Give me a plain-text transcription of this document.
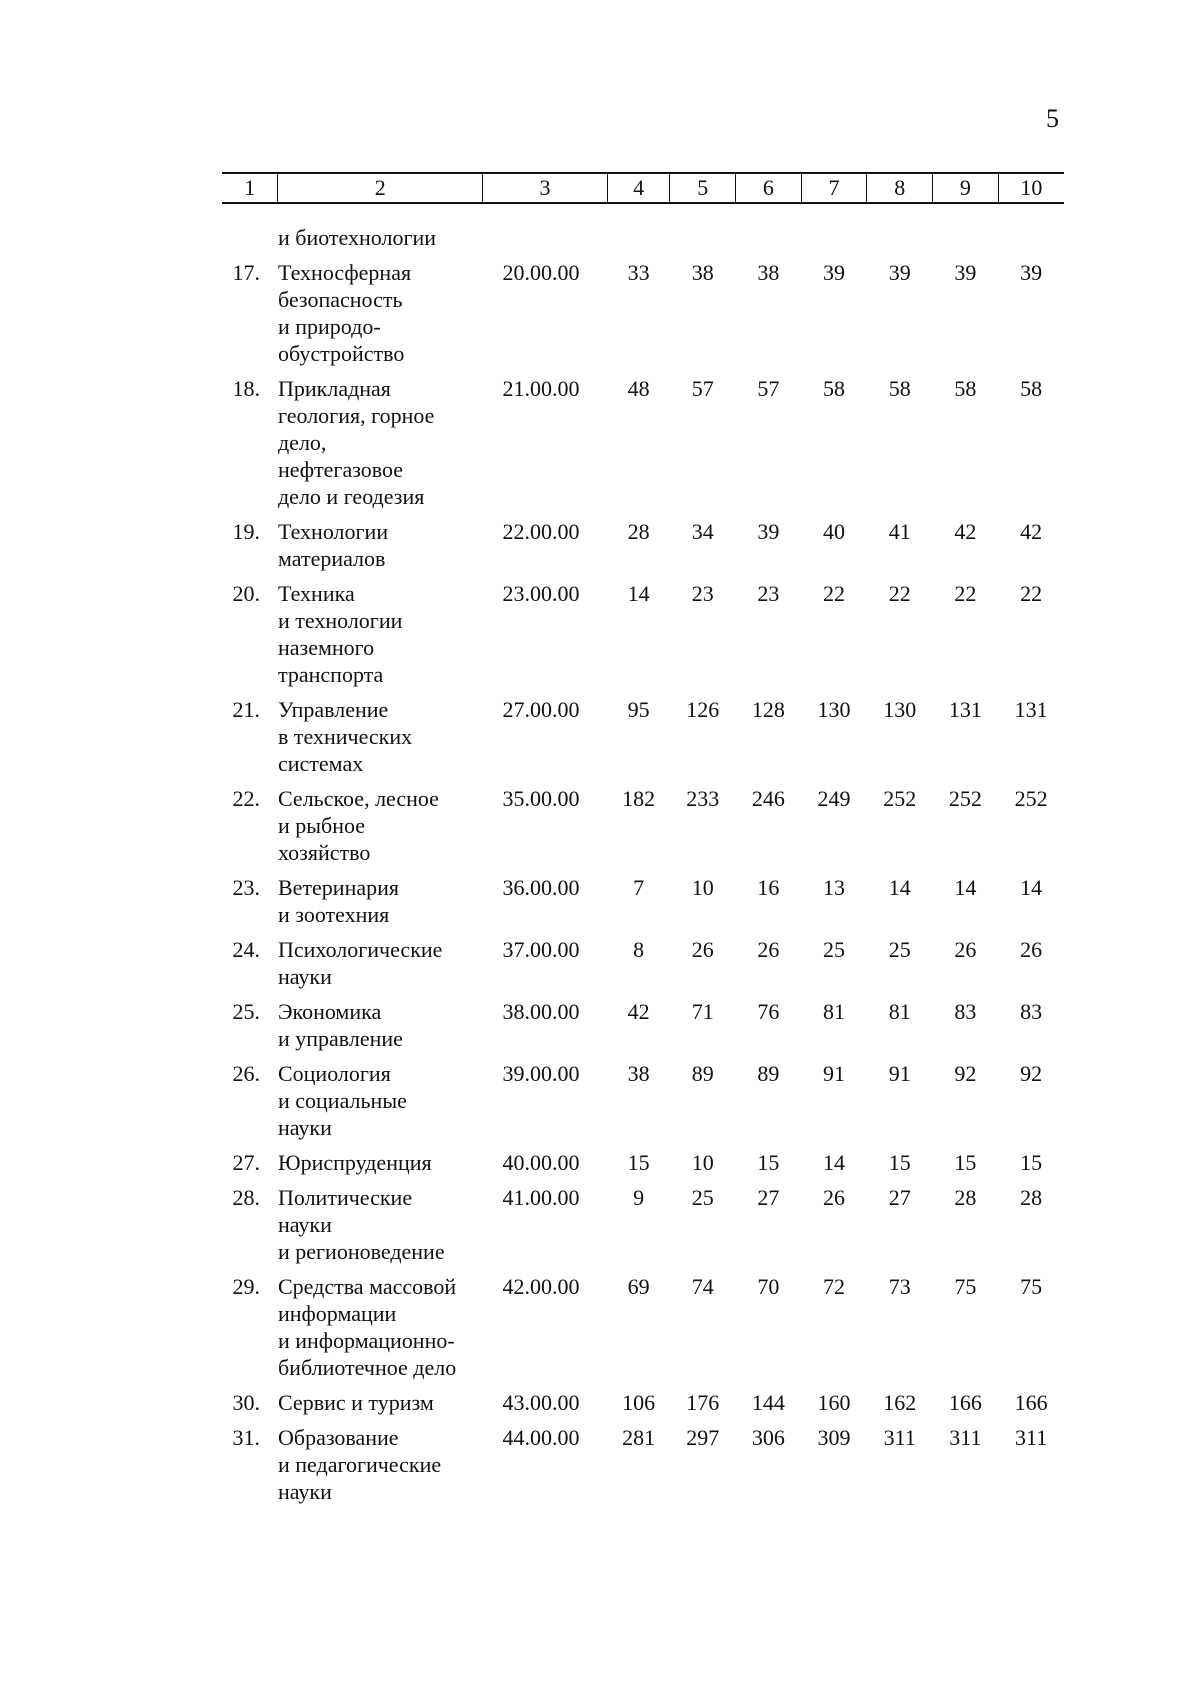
5
1	2	3	4	5	6	7	8	9	10

	и биотехнологии								

17.	Техносферная
безопасность
и природо-
обустройство	20.00.00	33	38	38	39	39	39	39
18.	Прикладная
геология, горное
дело,
нефтегазовое
дело и геодезия	21.00.00	48	57	57	58	58	58	58
19.	Технологии
материалов	22.00.00	28	34	39	40	41	42	42
20.	Техника
и технологии
наземного
транспорта	23.00.00	14	23	23	22	22	22	22
21.	Управление
в технических
системах	27.00.00	95	126	128	130	130	131	131
22.	Сельское, лесное
и рыбное
хозяйство	35.00.00	182	233	246	249	252	252	252
23.	Ветеринария
и зоотехния	36.00.00	7	10	16	13	14	14	14
24.	Психологические
науки	37.00.00	8	26	26	25	25	26	26
25.	Экономика
и управление	38.00.00	42	71	76	81	81	83	83
26.	Социология
и социальные
науки	39.00.00	38	89	89	91	91	92	92
27.	Юриспруденция	40.00.00	15	10	15	14	15	15	15
28.	Политические
науки
и регионоведение	41.00.00	9	25	27	26	27	28	28
29.	Средства массовой
информации
и информационно-
библиотечное дело	42.00.00	69	74	70	72	73	75	75
30.	Сервис и туризм	43.00.00	106	176	144	160	162	166	166
31.	Образование
и педагогические
науки	44.00.00	281	297	306	309	311	311	311
